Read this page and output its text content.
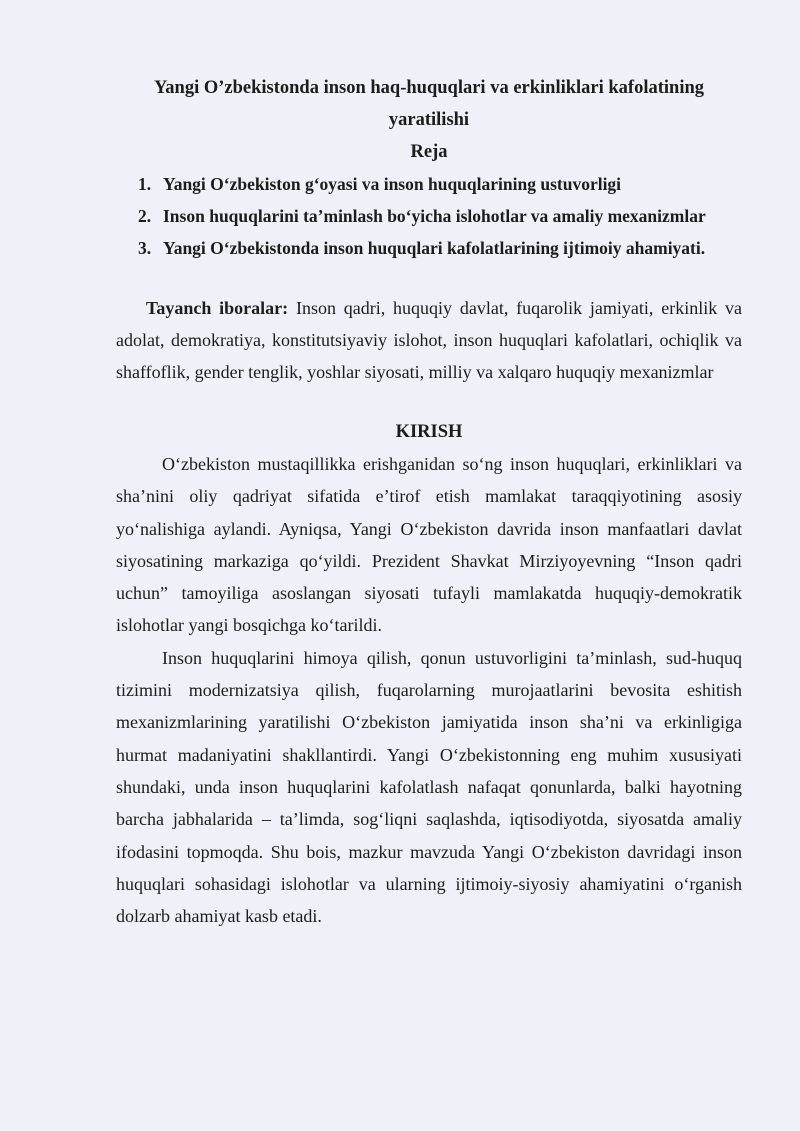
Yangi O’zbekistonda inson haq-huquqlari va erkinliklari kafolatining yaratilishi
Reja
1. Yangi O‘zbekiston g‘oyasi va inson huquqlarining ustuvorligi
2. Inson huquqlarini ta’minlash bo‘yicha islohotlar va amaliy mexanizmlar
3. Yangi O‘zbekistonda inson huquqlari kafolatlarining ijtimoiy ahamiyati.

Tayanch iboralar: Inson qadri, huquqiy davlat, fuqarolik jamiyati, erkinlik va adolat, demokratiya, konstitutsiyaviy islohot, inson huquqlari kafolatlari, ochiqlik va shaffoflik, gender tenglik, yoshlar siyosati, milliy va xalqaro huquqiy mexanizmlar

KIRISH

O‘zbekiston mustaqillikka erishganidan so‘ng inson huquqlari, erkinliklari va sha’nini oliy qadriyat sifatida e’tirof etish mamlakat taraqqiyotining asosiy yo‘nalishiga aylandi. Ayniqsa, Yangi O‘zbekiston davrida inson manfaatlari davlat siyosatining markaziga qo‘yildi. Prezident Shavkat Mirziyoyevning “Inson qadri uchun” tamoyiliga asoslangan siyosati tufayli mamlakatda huquqiy-demokratik islohotlar yangi bosqichga ko‘tarildi.

Inson huquqlarini himoya qilish, qonun ustuvorligini ta’minlash, sud-huquq tizimini modernizatsiya qilish, fuqarolarning murojaatlarini bevosita eshitish mexanizmlarining yaratilishi O‘zbekiston jamiyatida inson sha’ni va erkinligiga hurmat madaniyatini shakllantirdi. Yangi O‘zbekistonning eng muhim xususiyati shundaki, unda inson huquqlarini kafolatlash nafaqat qonunlarda, balki hayotning barcha jabhalarida – ta’limda, sog‘liqni saqlashda, iqtisodiyotda, siyosatda amaliy ifodasini topmoqda. Shu bois, mazkur mavzuda Yangi O‘zbekiston davridagi inson huquqlari sohasidagi islohotlar va ularning ijtimoiy-siyosiy ahamiyatini o‘rganish dolzarb ahamiyat kasb etadi.
